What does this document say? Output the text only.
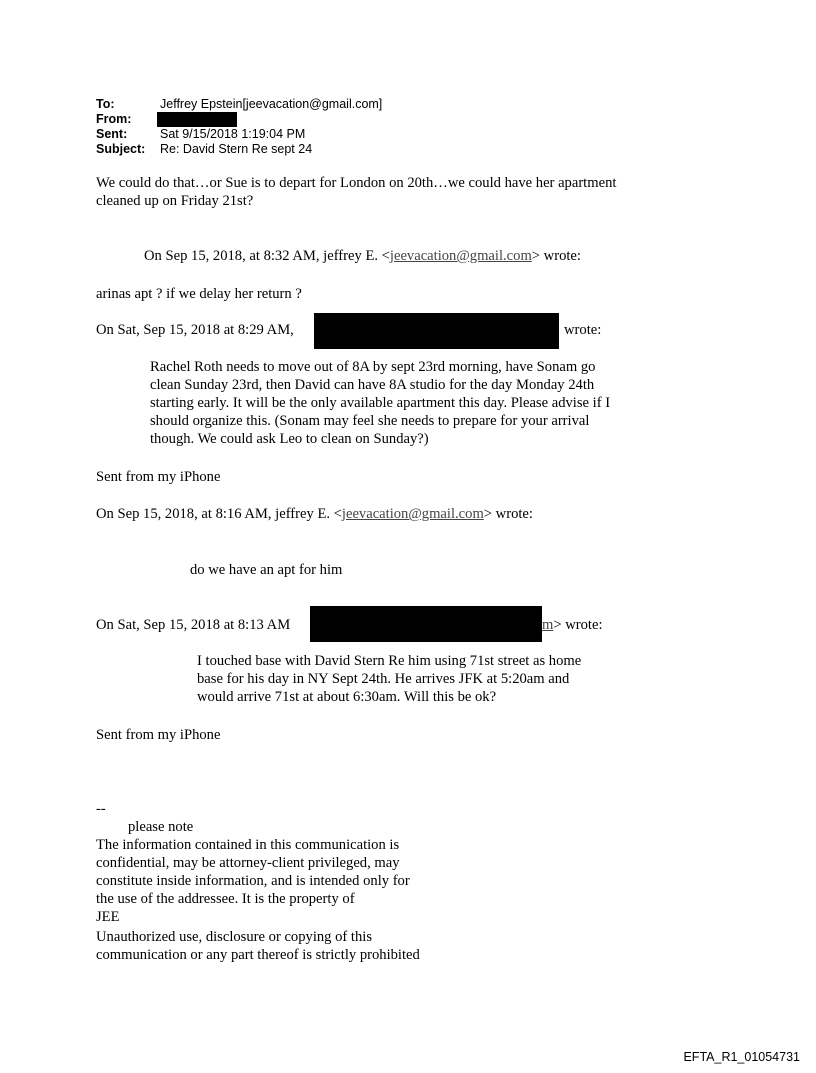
To:	Jeffrey Epstein[jeevacation@gmail.com]
From:
Sent:	Sat 9/15/2018 1:19:04 PM
Subject: Re: David Stern Re sept 24
We could do that…or Sue is to depart for London on 20th…we could have her apartment
cleaned up on Friday 21st?
On Sep 15, 2018, at 8:32 AM, jeffrey E. <jeevacation@gmail.com> wrote:
arinas apt ? if we delay her return ?
On Sat, Sep 15, 2018 at 8:29 AM,	wrote:
Rachel Roth needs to move out of 8A by sept 23rd morning, have Sonam go
clean Sunday 23rd, then David can have 8A studio for the day Monday 24th
starting early. It will be the only available apartment this day. Please advise if I
should organize this. (Sonam may feel she needs to prepare for your arrival
though. We could ask Leo to clean on Sunday?)
Sent from my iPhone
On Sep 15, 2018, at 8:16 AM, jeffrey E. <jeevacation@gmail.com> wrote:
do we have an apt for him
On Sat, Sep 15, 2018 at 8:13 AM	m> wrote:
I touched base with David Stern Re him using 71st street as home
base for his day in NY Sept 24th. He arrives JFK at 5:20am and
would arrive 71st at about 6:30am. Will this be ok?
Sent from my iPhone
--
please note
The information contained in this communication is
confidential, may be attorney-client privileged, may
constitute inside information, and is intended only for
the use of the addressee. It is the property of
JEE
Unauthorized use, disclosure or copying of this
communication or any part thereof is strictly prohibited
EFTA_R1_01054731
